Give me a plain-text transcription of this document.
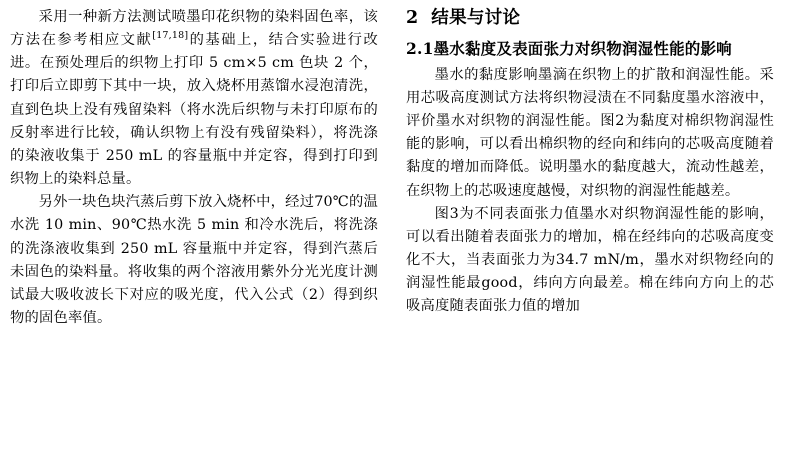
采用一种新方法测试喷墨印花织物的染料固色率，该方法在参考相应文献[17,18]的基础上，结合实验进行改进。在预处理后的织物上打印 5 cm×5 cm 色块 2 个，打印后立即剪下其中一块，放入烧杯用蒸馏水浸泡清洗，直到色块上没有残留染料（将水洗后织物与未打印原布的反射率进行比较，确认织物上有没有残留染料），将洗涤的染液收集于 250 mL 的容量瓶中并定容，得到打印到织物上的染料总量。

另外一块色块汽蒸后剪下放入烧杯中，经过70℃的温水洗 10 min、90℃热水洗 5 min 和冷水洗后，将洗涤的洗涤液收集到 250 mL 容量瓶中并定容，得到汽蒸后未固色的染料量。将收集的两个溶液用紫外分光光度计测试最大吸收波长下对应的吸光度，代入公式（2）得到织物的固色率值。

2 结果与讨论
2.1墨水黏度及表面张力对织物润湿性能的影响

墨水的黏度影响墨滴在织物上的扩散和润湿性能。采用芯吸高度测试方法将织物浸渍在不同黏度墨水溶液中，评价墨水对织物的润湿性能。图2为黏度对棉织物润湿性能的影响，可以看出棉织物的经向和纬向的芯吸高度随着黏度的增加而降低。说明墨水的黏度越大，流动性越差，在织物上的芯吸速度越慢，对织物的润湿性能越差。

图3为不同表面张力值墨水对织物润湿性能的影响，可以看出随着表面张力的增加，棉在经纬向的芯吸高度变化不大，当表面张力为34.7 mN/m，墨水对织物经向的润湿性能最good，纬向方向最差。棉在纬向方向上的芯吸高度随表面张力值的增加
